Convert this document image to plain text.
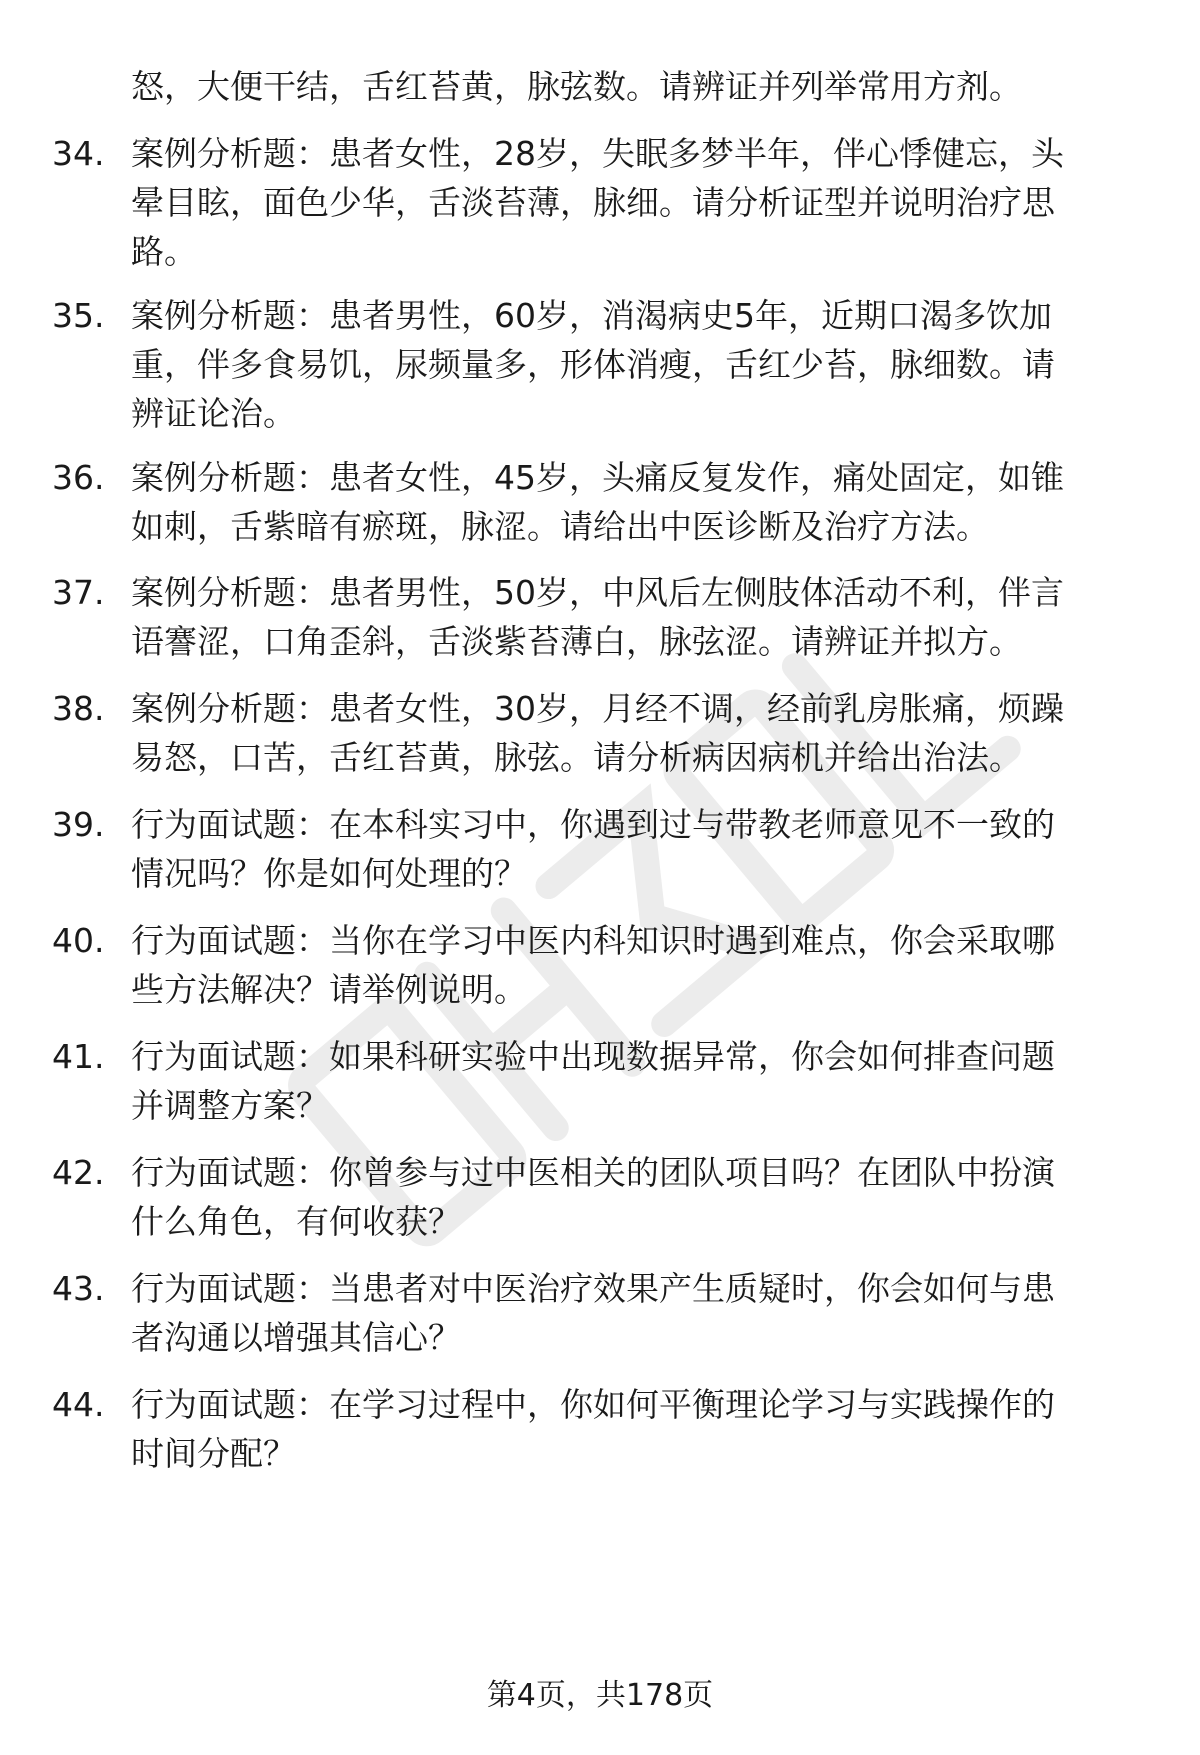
怒，大便干结，舌红苔黄，脉弦数。请辨证并列举常用方剂。
34. 案例分析题：患者女性，28岁，失眠多梦半年，伴心悸健忘，头
晕目眩，面色少华，舌淡苔薄，脉细。请分析证型并说明治疗思
路。
35. 案例分析题：患者男性，60岁，消渴病史5年，近期口渴多饮加
重，伴多食易饥，尿频量多，形体消瘦，舌红少苔，脉细数。请
辨证论治。
36. 案例分析题：患者女性，45岁，头痛反复发作，痛处固定，如锥
如刺，舌紫暗有瘀斑，脉涩。请给出中医诊断及治疗方法。
37. 案例分析题：患者男性，50岁，中风后左侧肢体活动不利，伴言
语謇涩，口角歪斜，舌淡紫苔薄白，脉弦涩。请辨证并拟方。
38. 案例分析题：患者女性，30岁，月经不调，经前乳房胀痛，烦躁
易怒，口苦，舌红苔黄，脉弦。请分析病因病机并给出治法。
39. 行为面试题：在本科实习中，你遇到过与带教老师意见不一致的
情况吗？你是如何处理的？
40. 行为面试题：当你在学习中医内科知识时遇到难点，你会采取哪
些方法解决？请举例说明。
41. 行为面试题：如果科研实验中出现数据异常，你会如何排查问题
并调整方案？
42. 行为面试题：你曾参与过中医相关的团队项目吗？在团队中扮演
什么角色，有何收获？
43. 行为面试题：当患者对中医治疗效果产生质疑时，你会如何与患
者沟通以增强其信心？
44. 行为面试题：在学习过程中，你如何平衡理论学习与实践操作的
时间分配？
第4页，共178页
